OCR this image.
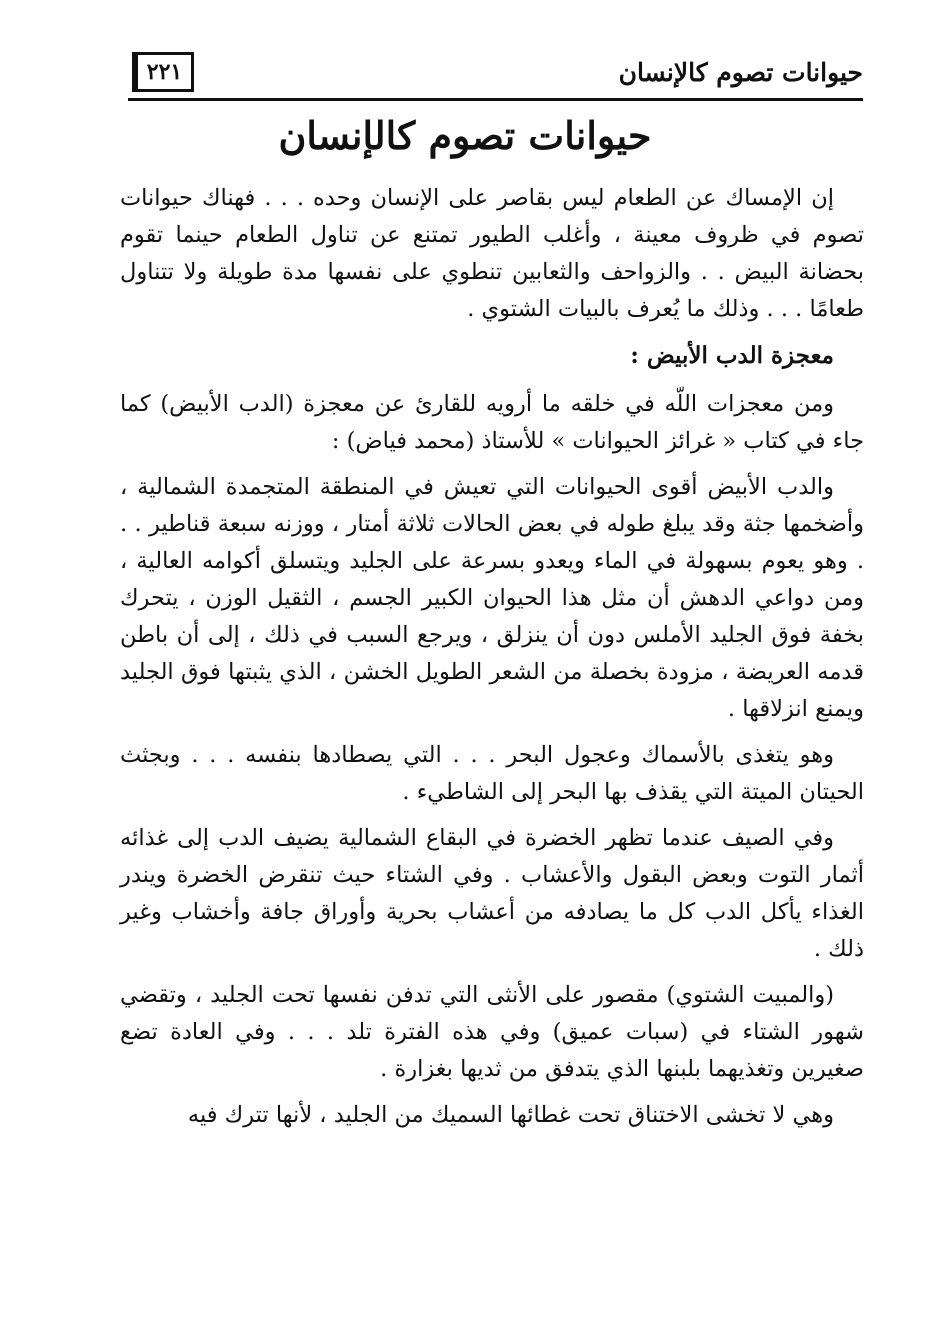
حيوانات تصوم كالإنسان
٢٢١
حيوانات تصوم كالإنسان

إن الإمساك عن الطعام ليس بقاصر على الإنسان وحده . . . فهناك حيوانات تصوم في ظروف معينة ، وأغلب الطيور تمتنع عن تناول الطعام حينما تقوم بحضانة البيض . . والزواحف والثعابين تنطوي على نفسها مدة طويلة ولا تتناول طعامًا . . . وذلك ما يُعرف بالبيات الشتوي .

معجزة الدب الأبيض :

ومن معجزات اللّه في خلقه ما أرويه للقارئ عن معجزة (الدب الأبيض) كما جاء في كتاب « غرائز الحيوانات » للأستاذ (محمد فياض) :

والدب الأبيض أقوى الحيوانات التي تعيش في المنطقة المتجمدة الشمالية ، وأضخمها جثة وقد يبلغ طوله في بعض الحالات ثلاثة أمتار ، ووزنه سبعة قناطير . . . وهو يعوم بسهولة في الماء ويعدو بسرعة على الجليد ويتسلق أكوامه العالية ، ومن دواعي الدهش أن مثل هذا الحيوان الكبير الجسم ، الثقيل الوزن ، يتحرك بخفة فوق الجليد الأملس دون أن ينزلق ، ويرجع السبب في ذلك ، إلى أن باطن قدمه العريضة ، مزودة بخصلة من الشعر الطويل الخشن ، الذي يثبتها فوق الجليد ويمنع انزلاقها .

وهو يتغذى بالأسماك وعجول البحر . . . التي يصطادها بنفسه . . . وبجثث الحيتان الميتة التي يقذف بها البحر إلى الشاطيء .

وفي الصيف عندما تظهر الخضرة في البقاع الشمالية يضيف الدب إلى غذائه أثمار التوت وبعض البقول والأعشاب . وفي الشتاء حيث تنقرض الخضرة ويندر الغذاء يأكل الدب كل ما يصادفه من أعشاب بحرية وأوراق جافة وأخشاب وغير ذلك .

(والمبيت الشتوي) مقصور على الأنثى التي تدفن نفسها تحت الجليد ، وتقضي شهور الشتاء في (سبات عميق) وفي هذه الفترة تلد . . . وفي العادة تضع صغيرين وتغذيهما بلبنها الذي يتدفق من ثديها بغزارة .

وهي لا تخشى الاختناق تحت غطائها السميك من الجليد ، لأنها تترك فيه
